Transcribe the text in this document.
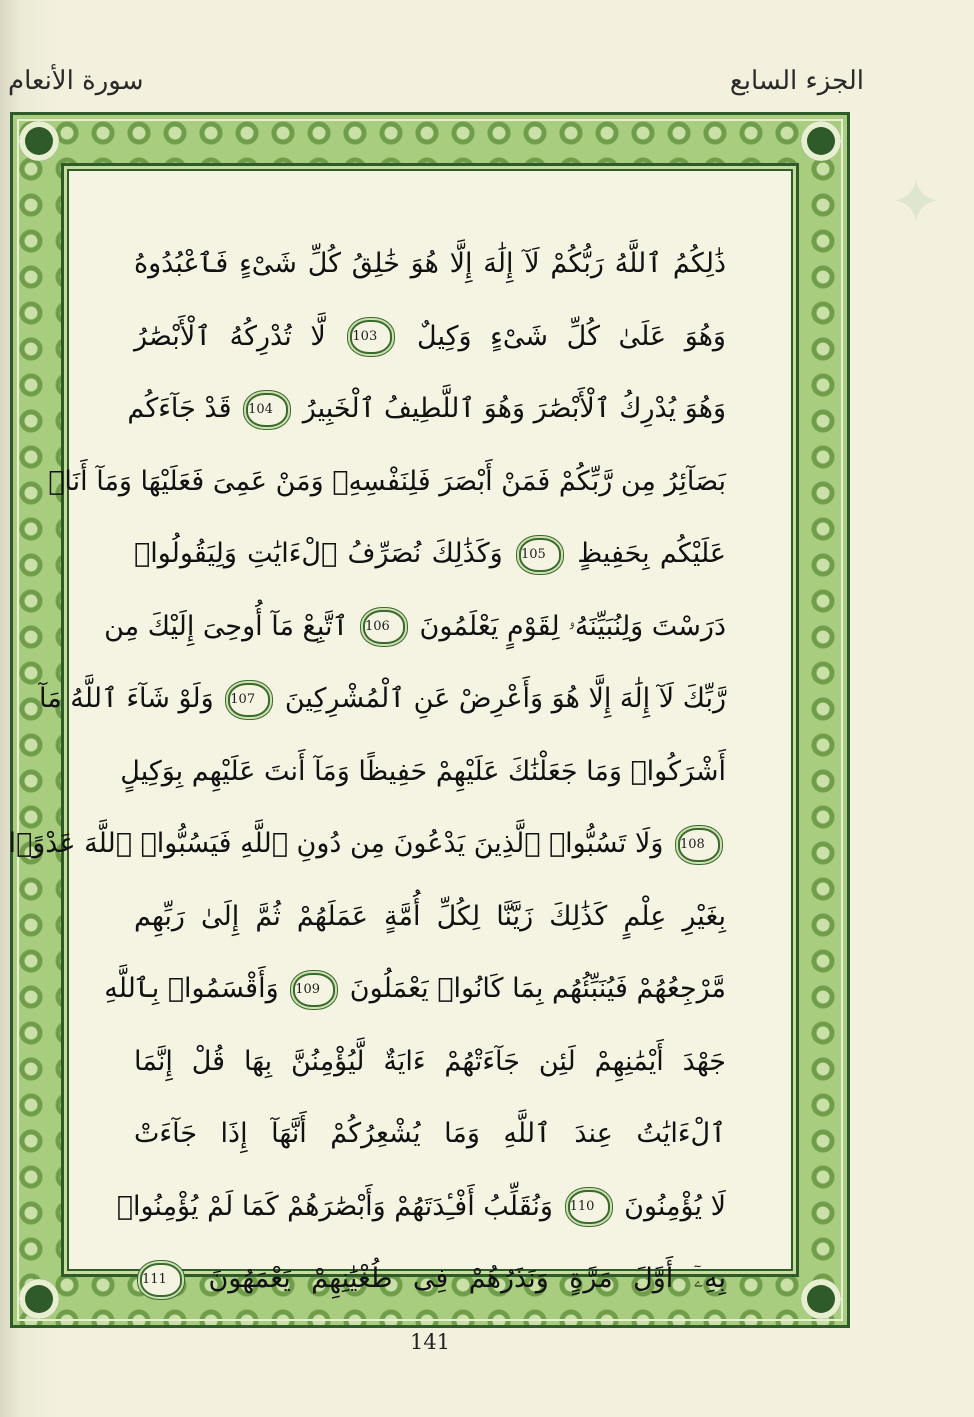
الجزء السابع
سورة الأنعام
✦
ذَٰلِكُمُ ٱللَّهُ رَبُّكُمْ لَآ إِلَٰهَ إِلَّا هُوَ خَٰلِقُ كُلِّ شَىْءٍ فَٱعْبُدُوهُ
وَهُوَ عَلَىٰ كُلِّ شَىْءٍ وَكِيلٌ 103 لَّا تُدْرِكُهُ ٱلْأَبْصَٰرُ
وَهُوَ يُدْرِكُ ٱلْأَبْصَٰرَ وَهُوَ ٱللَّطِيفُ ٱلْخَبِيرُ 104 قَدْ جَآءَكُم
بَصَآئِرُ مِن رَّبِّكُمْ فَمَنْ أَبْصَرَ فَلِنَفْسِهِۦ وَمَنْ عَمِىَ فَعَلَيْهَا وَمَآ أَنَا۠
عَلَيْكُم بِحَفِيظٍ 105 وَكَذَٰلِكَ نُصَرِّفُ ٱلْءَايَٰتِ وَلِيَقُولُوا۟
دَرَسْتَ وَلِنُبَيِّنَهُۥ لِقَوْمٍ يَعْلَمُونَ 106 ٱتَّبِعْ مَآ أُوحِىَ إِلَيْكَ مِن
رَّبِّكَ لَآ إِلَٰهَ إِلَّا هُوَ وَأَعْرِضْ عَنِ ٱلْمُشْرِكِينَ 107 وَلَوْ شَآءَ ٱللَّهُ مَآ
أَشْرَكُوا۟ وَمَا جَعَلْنَٰكَ عَلَيْهِمْ حَفِيظًا وَمَآ أَنتَ عَلَيْهِم بِوَكِيلٍ
108 وَلَا تَسُبُّوا۟ ٱلَّذِينَ يَدْعُونَ مِن دُونِ ٱللَّهِ فَيَسُبُّوا۟ ٱللَّهَ عَدْوًۢا
بِغَيْرِ عِلْمٍ كَذَٰلِكَ زَيَّنَّا لِكُلِّ أُمَّةٍ عَمَلَهُمْ ثُمَّ إِلَىٰ رَبِّهِم
مَّرْجِعُهُمْ فَيُنَبِّئُهُم بِمَا كَانُوا۟ يَعْمَلُونَ 109 وَأَقْسَمُوا۟ بِٱللَّهِ
جَهْدَ أَيْمَٰنِهِمْ لَئِن جَآءَتْهُمْ ءَايَةٌ لَّيُؤْمِنُنَّ بِهَا قُلْ إِنَّمَا
ٱلْءَايَٰتُ عِندَ ٱللَّهِ وَمَا يُشْعِرُكُمْ أَنَّهَآ إِذَا جَآءَتْ
لَا يُؤْمِنُونَ 110 وَنُقَلِّبُ أَفْـِٔدَتَهُمْ وَأَبْصَٰرَهُمْ كَمَا لَمْ يُؤْمِنُوا۟
بِهِۦٓ أَوَّلَ مَرَّةٍ وَنَذَرُهُمْ فِى طُغْيَٰنِهِمْ يَعْمَهُونَ 111
141
